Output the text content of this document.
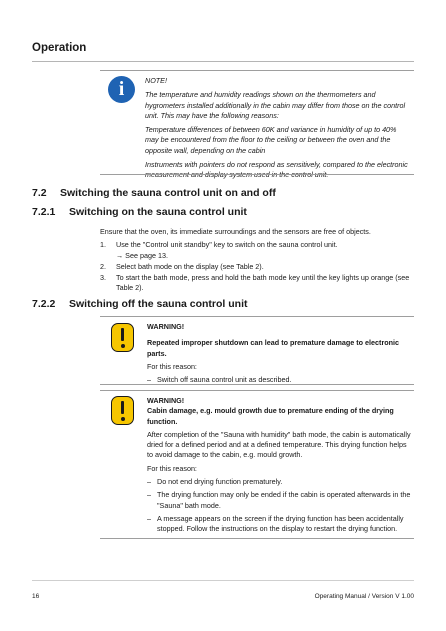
Operation
i	NOTE!

The temperature and humidity readings shown on the thermometers and hygrometers installed additionally in the cabin may differ from those on the control unit. This may have the following reasons:

Temperature differences of between 60K and variance in humidity of up to 40% may be encountered from the floor to the ceiling or between the oven and the opposite wall, depending on the cabin

Instruments with pointers do not respond as sensitively, compared to the electronic

7.2 Switching the sauna control unit on and off
7.2.1 Switching on the sauna control unit
Ensure that the oven, its immediate surroundings and the sensors are free of objects.
1. Use the "Control unit standby" key to switch on the sauna control unit.
→ See page 13.
2. Select bath mode on the display (see Table 2).
3. To start the bath mode, press and hold the bath mode key until the key lights up orange (see Table 2).
7.2.2 Switching off the sauna control unit
WARNING!
Repeated improper shutdown can lead to premature damage to electronic parts.

For this reason:

– Switch off sauna control unit as described.
WARNING!
Cabin damage, e.g. mould growth due to premature ending of the drying function.

After completion of the "Sauna with humidity" bath mode, the cabin is automatically dried for a defined period and at a defined temperature. This drying function helps to avoid damage to the cabin, e.g. mould growth.

For this reason:

– Do not end drying function prematurely.
– The drying function may only be ended if the cabin is operated afterwards in the "Sauna" bath mode.
– A message appears on the screen if the drying function has been accidentally stopped. Follow the instructions on the display to restart the drying function.
16	Operating Manual / Version V 1.00
